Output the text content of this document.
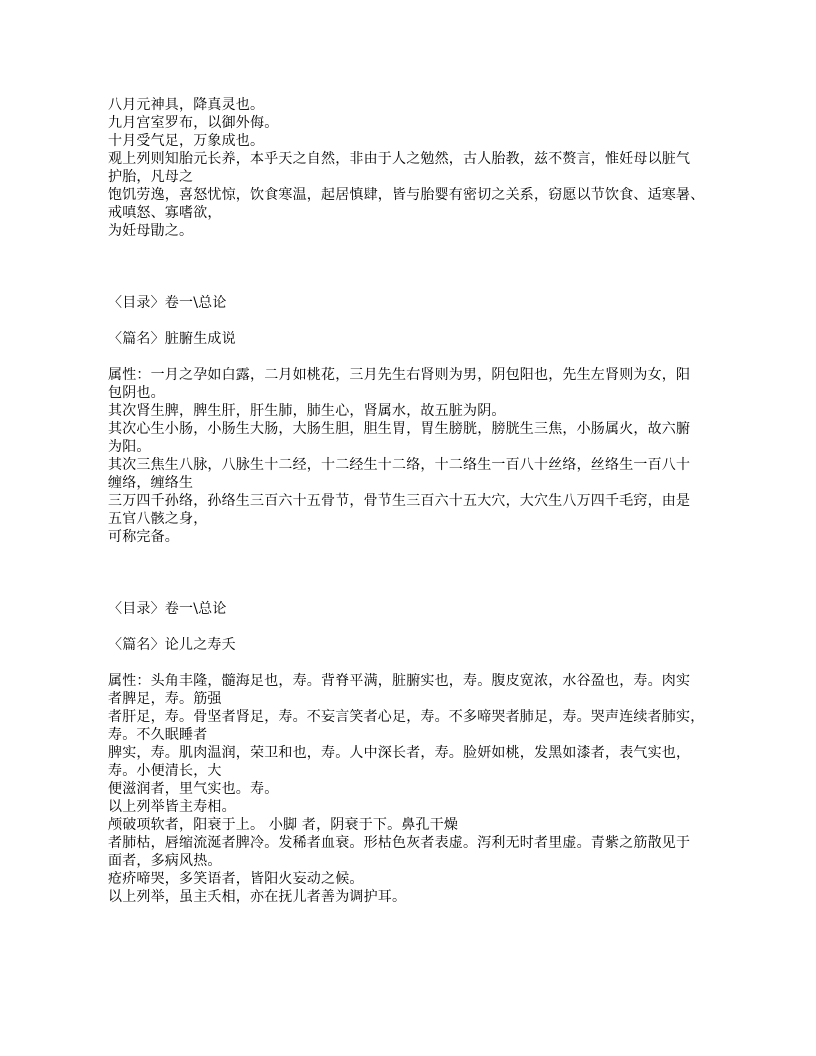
八月元神具，降真灵也。
九月宫室罗布，以御外侮。
十月受气足，万象成也。
观上列则知胎元长养，本乎天之自然，非由于人之勉然，古人胎教，兹不赘言，惟妊母以脏气
护胎，凡母之
饱饥劳逸，喜怒忧惊，饮食寒温，起居慎肆，皆与胎婴有密切之关系，窃愿以节饮食、适寒暑、
戒嗔怒、寡嗜欲，
为妊母勖之。
〈目录〉卷一\总论
〈篇名〉脏腑生成说
属性：一月之孕如白露，二月如桃花，三月先生右肾则为男，阴包阳也，先生左肾则为女，阳
包阴也。
其次肾生脾，脾生肝，肝生肺，肺生心，肾属水，故五脏为阴。
其次心生小肠，小肠生大肠，大肠生胆，胆生胃，胃生膀胱，膀胱生三焦，小肠属火，故六腑
为阳。
其次三焦生八脉，八脉生十二经，十二经生十二络，十二络生一百八十丝络，丝络生一百八十
缠络，缠络生
三万四千孙络，孙络生三百六十五骨节，骨节生三百六十五大穴，大穴生八万四千毛窍，由是
五官八骸之身，
可称完备。
〈目录〉卷一\总论
〈篇名〉论儿之寿夭
属性：头角丰隆，髓海足也，寿。背脊平满，脏腑实也，寿。腹皮宽浓，水谷盈也，寿。肉实
者脾足，寿。筋强
者肝足，寿。骨坚者肾足，寿。不妄言笑者心足，寿。不多啼哭者肺足，寿。哭声连续者肺实，
寿。不久眠睡者
脾实，寿。肌肉温润，荣卫和也，寿。人中深长者，寿。脸妍如桃，发黑如漆者，表气实也，
寿。小便清长，大
便滋润者，里气实也。寿。
以上列举皆主寿相。
颅破项软者，阳衰于上。 小脚 者，阴衰于下。鼻孔干燥
者肺枯，唇缩流涎者脾冷。发稀者血衰。形枯色灰者表虚。泻利无时者里虚。青紫之筋散见于
面者，多病风热。
疮疥啼哭，多笑语者，皆阳火妄动之候。
以上列举，虽主夭相，亦在抚儿者善为调护耳。
